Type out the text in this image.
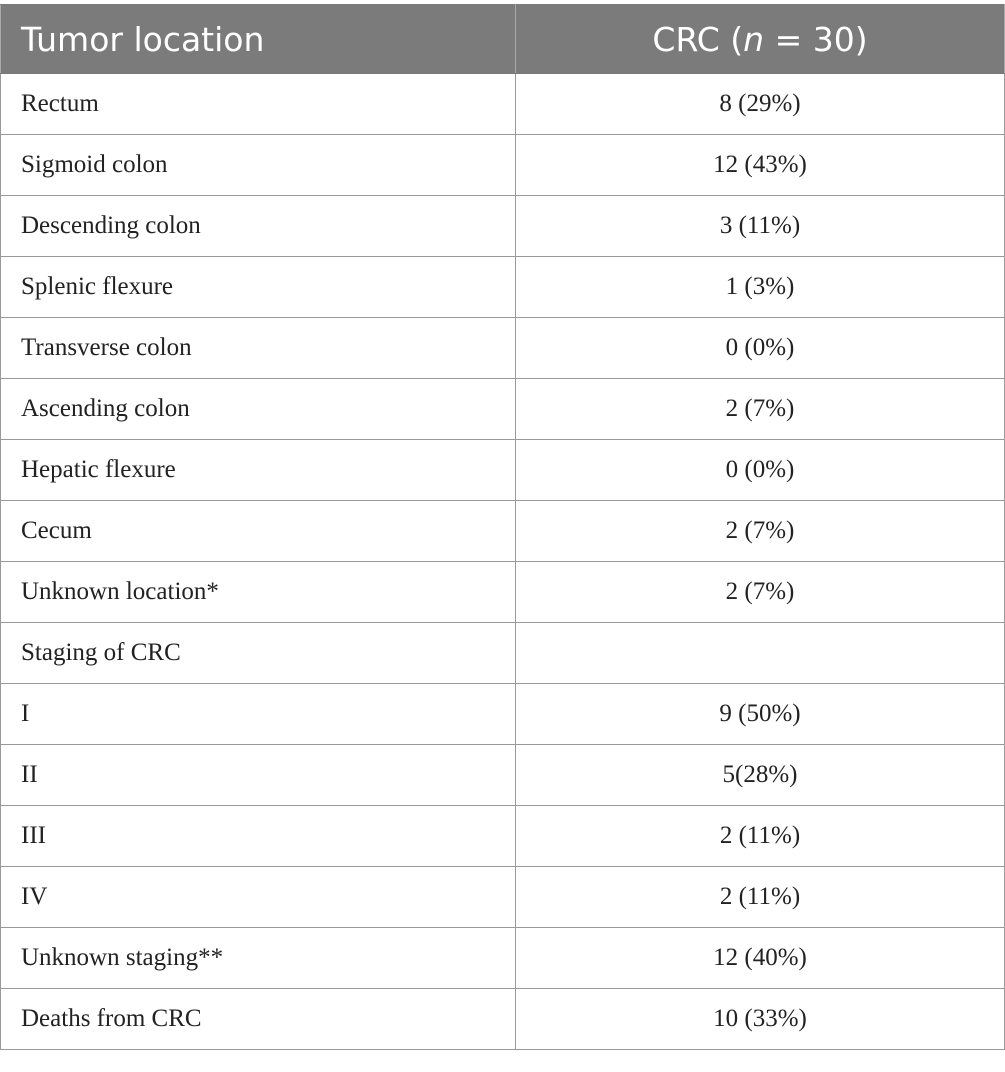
Tumor location	CRC (n = 30)
Rectum	8 (29%)
Sigmoid colon	12 (43%)
Descending colon	3 (11%)
Splenic flexure	1 (3%)
Transverse colon	0 (0%)
Ascending colon	2 (7%)
Hepatic flexure	0 (0%)
Cecum	2 (7%)
Unknown location*	2 (7%)
Staging of CRC	
I	9 (50%)
II	5(28%)
III	2 (11%)
IV	2 (11%)
Unknown staging**	12 (40%)
Deaths from CRC	10 (33%)
